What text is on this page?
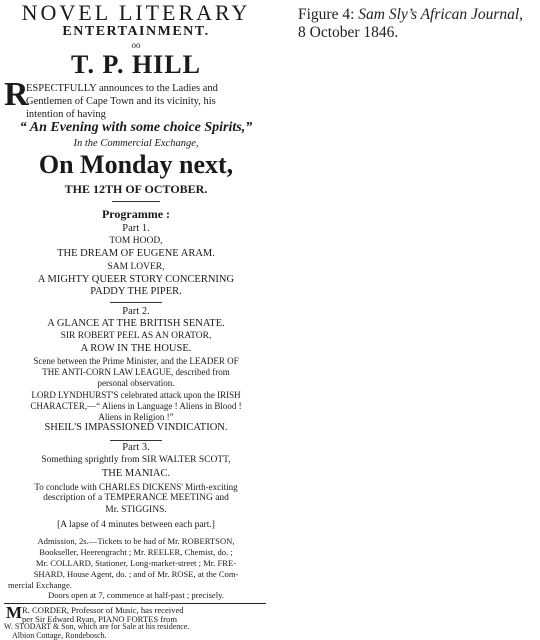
NOVEL LITERARY
ENTERTAINMENT.
oo
T. P. HILL
R
ESPECTFULLY announces to the Ladies and
Gentlemen of Cape Town and its vicinity, his
intention of having
“ An Evening with some choice Spirits,”
In the Commercial Exchange,
On Monday next,
THE 12TH OF OCTOBER.
Programme :
Part 1.
TOM HOOD,
THE DREAM OF EUGENE ARAM.
SAM LOVER,
A MIGHTY QUEER STORY CONCERNING
PADDY THE PIPER.
Part 2.
A GLANCE AT THE BRITISH SENATE.
SIR ROBERT PEEL AS AN ORATOR,
A ROW IN THE HOUSE.
Scene between the Prime Minister, and the LEADER OF
THE ANTI-CORN LAW LEAGUE, described from
personal observation.
LORD LYNDHURST'S celebrated attack upon the IRISH
CHARACTER,—“ Aliens in Language ! Aliens in Blood !
Aliens in Religion !”
SHEIL'S IMPASSIONED VINDICATION.
Part 3.
Something sprightly from SIR WALTER SCOTT,
THE MANIAC.
To conclude with CHARLES DICKENS' Mirth-exciting
description of a TEMPERANCE MEETING and
Mr. STIGGINS.
[A lapse of 4 minutes between each part.]
Admission, 2s.—Tickets to be had of Mr. ROBERTSON,
Bookseller, Heerengracht ; Mr. REELER, Chemist, do. ;
Mr. COLLARD, Stationer, Long-market-street ; Mr. FRE-
SHARD, House Agent, do. ; and of Mr. ROSE, at the Com-
mercial Exchange.
Doors open at 7, commence at half-past ; precisely.
M R. CORDER, Professor of Music, has received
per Sir Edward Ryan, PIANO FORTES from
W. STODART & Son, which are for Sale at his residence.
Albion Cottage, Rondebosch.
Figure 4: Sam Sly’s African Journal, 8 October 1846.
